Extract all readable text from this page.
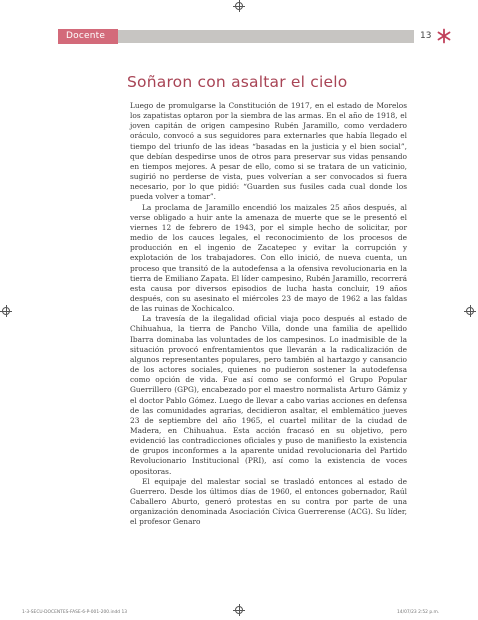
Docente	13
Soñaron con asaltar el cielo

Luego de promulgarse la Constitución de 1917, en el estado de Morelos los zapatistas optaron por la siembra de las armas. En el año de 1918, el joven capitán de origen campesino Rubén Jaramillo, como verdadero oráculo, convocó a sus seguidores para externarles que había llegado el tiempo del triunfo de las ideas “basadas en la justicia y el bien social”, que debían despedirse unos de otros para preservar sus vidas pensando en tiempos mejores. A pesar de ello, como si se tratara de un vaticinio, sugirió no perderse de vista, pues volverían a ser convocados si fuera necesario, por lo que pidió: “Guarden sus fusiles cada cual donde los pueda volver a tomar”.

La proclama de Jaramillo encendió los maizales 25 años después, al verse obligado a huir ante la amenaza de muerte que se le presentó el viernes 12 de febrero de 1943, por el simple hecho de solicitar, por medio de los cauces legales, el reconocimiento de los procesos de producción en el ingenio de Zacatepec y evitar la corrupción y explotación de los trabajadores. Con ello inició, de nueva cuenta, un proceso que transitó de la autodefensa a la ofensiva revolucionaria en la tierra de Emiliano Zapata. El líder campesino, Rubén Jaramillo, recorrerá esta causa por diversos episodios de lucha hasta concluir, 19 años después, con su asesinato el miércoles 23 de mayo de 1962 a las faldas de las ruinas de Xochicalco.

La travesía de la ilegalidad oficial viaja poco después al estado de Chihuahua, la tierra de Pancho Villa, donde una familia de apellido Ibarra dominaba las voluntades de los campesinos. Lo inadmisible de la situación provocó enfrentamientos que llevarán a la radicalización de algunos representantes populares, pero también al hartazgo y cansancio de los actores sociales, quienes no pudieron sostener la autodefensa como opción de vida. Fue así como se conformó el Grupo Popular Guerrillero (GPG), encabezado por el maestro normalista Arturo Gámiz y el doctor Pablo Gómez. Luego de llevar a cabo varias acciones en defensa de las comunidades agrarias, decidieron asaltar, el emblemático jueves 23 de septiembre del año 1965, el cuartel militar de la ciudad de Madera, en Chihuahua. Esta acción fracasó en su objetivo, pero evidenció las contradicciones oficiales y puso de manifiesto la existencia de grupos inconformes a la aparente unidad revolucionaria del Partido Revolucionario Institucional (PRI), así como la existencia de voces opositoras.

El equipaje del malestar social se trasladó entonces al estado de Guerrero. Desde los últimos días de 1960, el entonces gobernador, Raúl Caballero Aburto, generó protestas en su contra por parte de una organización denominada Asociación Cívica Guerrerense (ACG). Su líder, el profesor Genaro

1-3-SECU-DOCENTES-FASE-6-P-001-200.indd 13	14/07/23 2:52 p.m.
